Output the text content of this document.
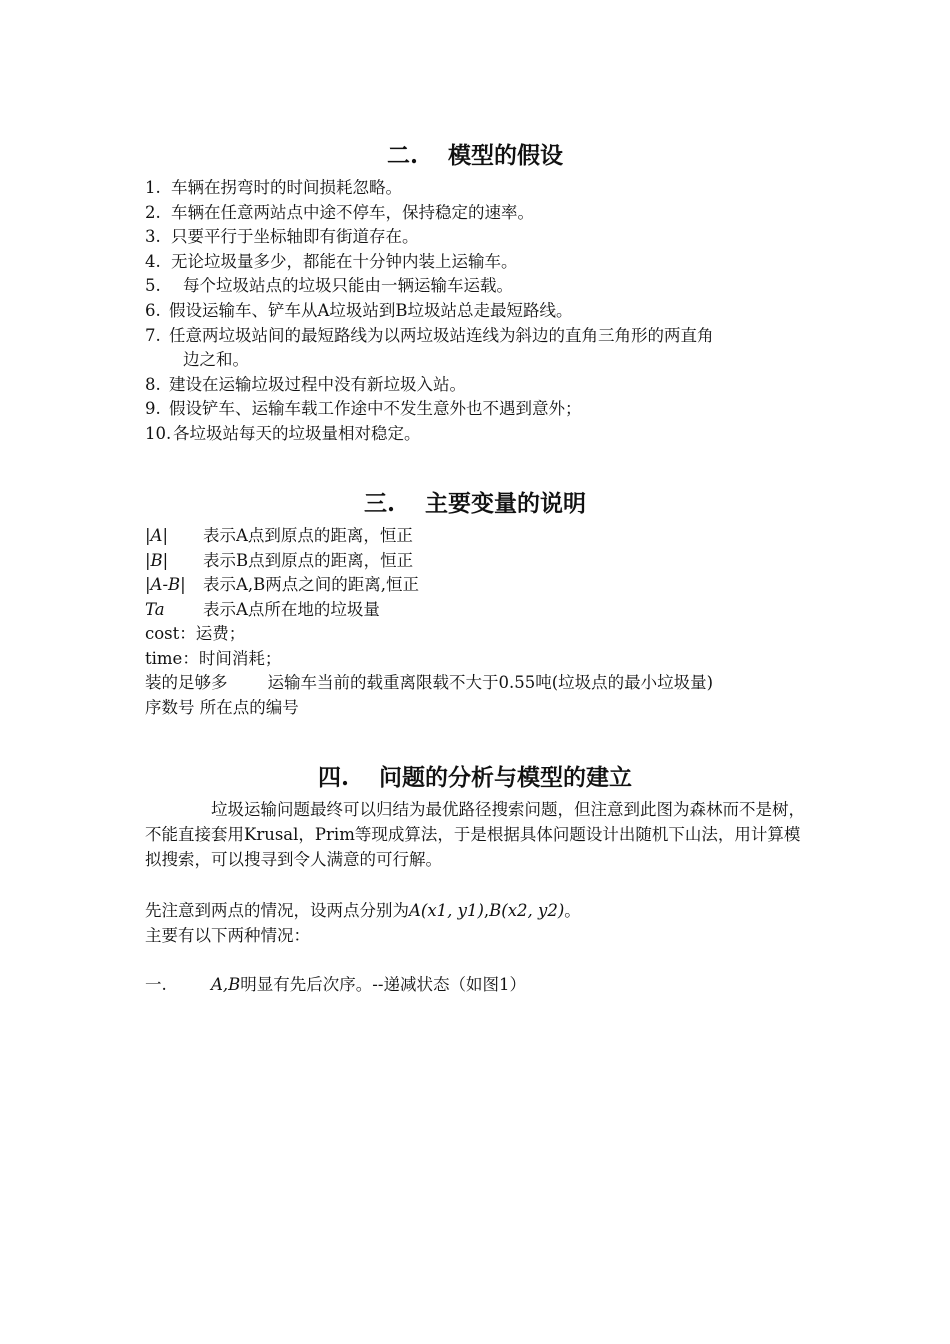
二. 模型的假设
1. 车辆在拐弯时的时间损耗忽略。
2. 车辆在任意两站点中途不停车，保持稳定的速率。
3. 只要平行于坐标轴即有街道存在。
4. 无论垃圾量多少，都能在十分钟内装上运输车。
5. 每个垃圾站点的垃圾只能由一辆运输车运载。
6. 假设运输车、铲车从A垃圾站到B垃圾站总走最短路线。
7. 任意两垃圾站间的最短路线为以两垃圾站连线为斜边的直角三角形的两直角
边之和。
8. 建设在运输垃圾过程中没有新垃圾入站。
9. 假设铲车、运输车载工作途中不发生意外也不遇到意外；
10. 各垃圾站每天的垃圾量相对稳定。
三. 主要变量的说明
|A| 表示A点到原点的距离，恒正
|B| 表示B点到原点的距离，恒正
|A-B| 表示A,B两点之间的距离,恒正
Ta 表示A点所在地的垃圾量
cost：运费；
time：时间消耗；
装的足够多 运输车当前的载重离限载不大于0.55吨(垃圾点的最小垃圾量)
序数号 所在点的编号
四. 问题的分析与模型的建立
垃圾运输问题最终可以归结为最优路径搜索问题，但注意到此图为森林而不是树，不能直接套用Krusal，Prim等现成算法，于是根据具体问题设计出随机下山法，用计算模拟搜索，可以搜寻到令人满意的可行解。
先注意到两点的情况，设两点分别为A(x1, y1),B(x2, y2)。
主要有以下两种情况：
一.	A,B明显有先后次序。--递减状态（如图1）
